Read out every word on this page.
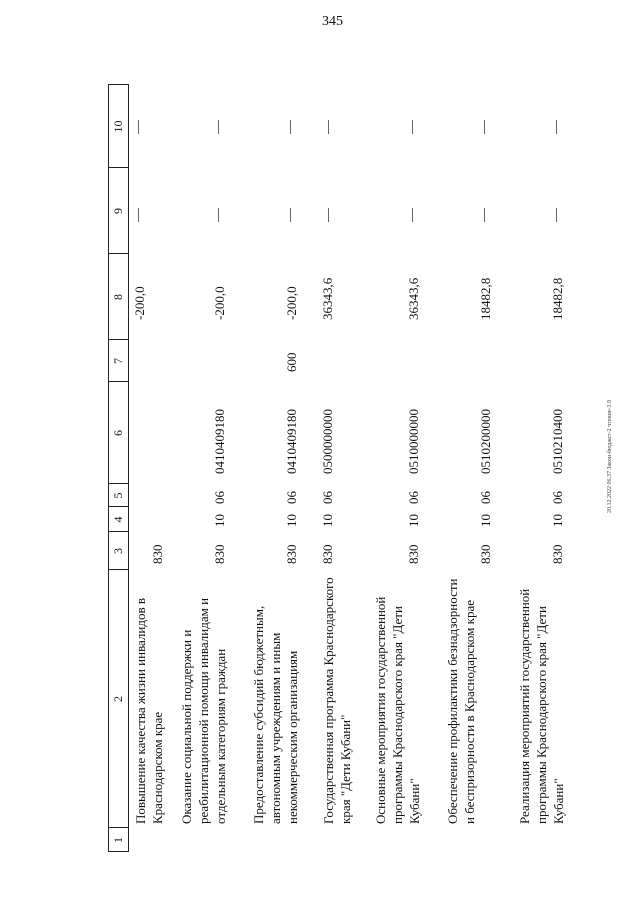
345
20.12.2022 06.37 Закон-бюджет-2 чтение-3.9
1
2
3
4
5
6
7
8
9
10
Повышение качества жизни инвалидов в Краснодарском крае
830
-200,0
Оказание социальной поддержки и реабилитационной помощи инвалидам и отдельным категориям граждан
830
10
06
0410409180
-200,0
Предоставление субсидий бюджетным, автономным учреждениям и иным некоммерческим организациям
830
10
06
0410409180
600
-200,0
Государственная программа Краснодарского края "Дети Кубани"
830
10
06
0500000000
36343,6
Основные мероприятия государственной программы Краснодарского края "Дети Кубани"
830
10
06
0510000000
36343,6
Обеспечение профилактики безнадзорности и беспризорности в Краснодарском крае
830
10
06
0510200000
18482,8
Реализация мероприятий государственной программы Краснодарского края "Дети Кубани"
830
10
06
0510210400
18482,8
